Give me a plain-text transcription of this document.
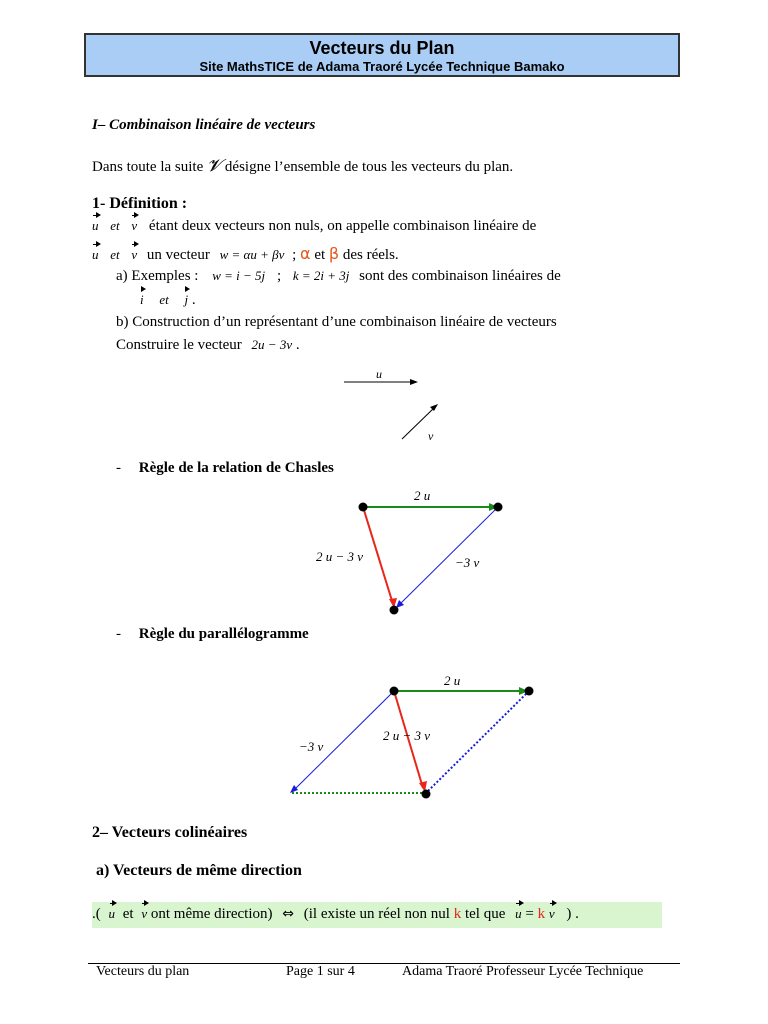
Vecteurs du Plan
Site MathsTICE de Adama Traoré Lycée Technique Bamako
I– Combinaison linéaire de vecteurs
Dans toute la suite 𝓥 désigne l’ensemble de tous les vecteurs du plan.
1- Définition :
u et v étant deux vecteurs non nuls, on appelle combinaison linéaire de
u et v un vecteur w = αu + βv ; α et β des réels.
a) Exemples : w = i − 5j ; k = 2i + 3j sont des combinaison linéaires de
i et j .
b) Construction d’un représentant d’une combinaison linéaire de vecteurs
Construire le vecteur 2u − 3v .
u
v
- Règle de la relation de Chasles
2 u
2 u − 3 v	−3 v
- Règle du parallélogramme
2 u
2 u − 3 v
−3 v
2– Vecteurs colinéaires
a) Vecteurs de même direction
.( u et v ont même direction) ⇔ (il existe un réel non nul k tel que u = k v ) .
Vecteurs du plan	Page 1 sur 4	Adama Traoré Professeur Lycée Technique
